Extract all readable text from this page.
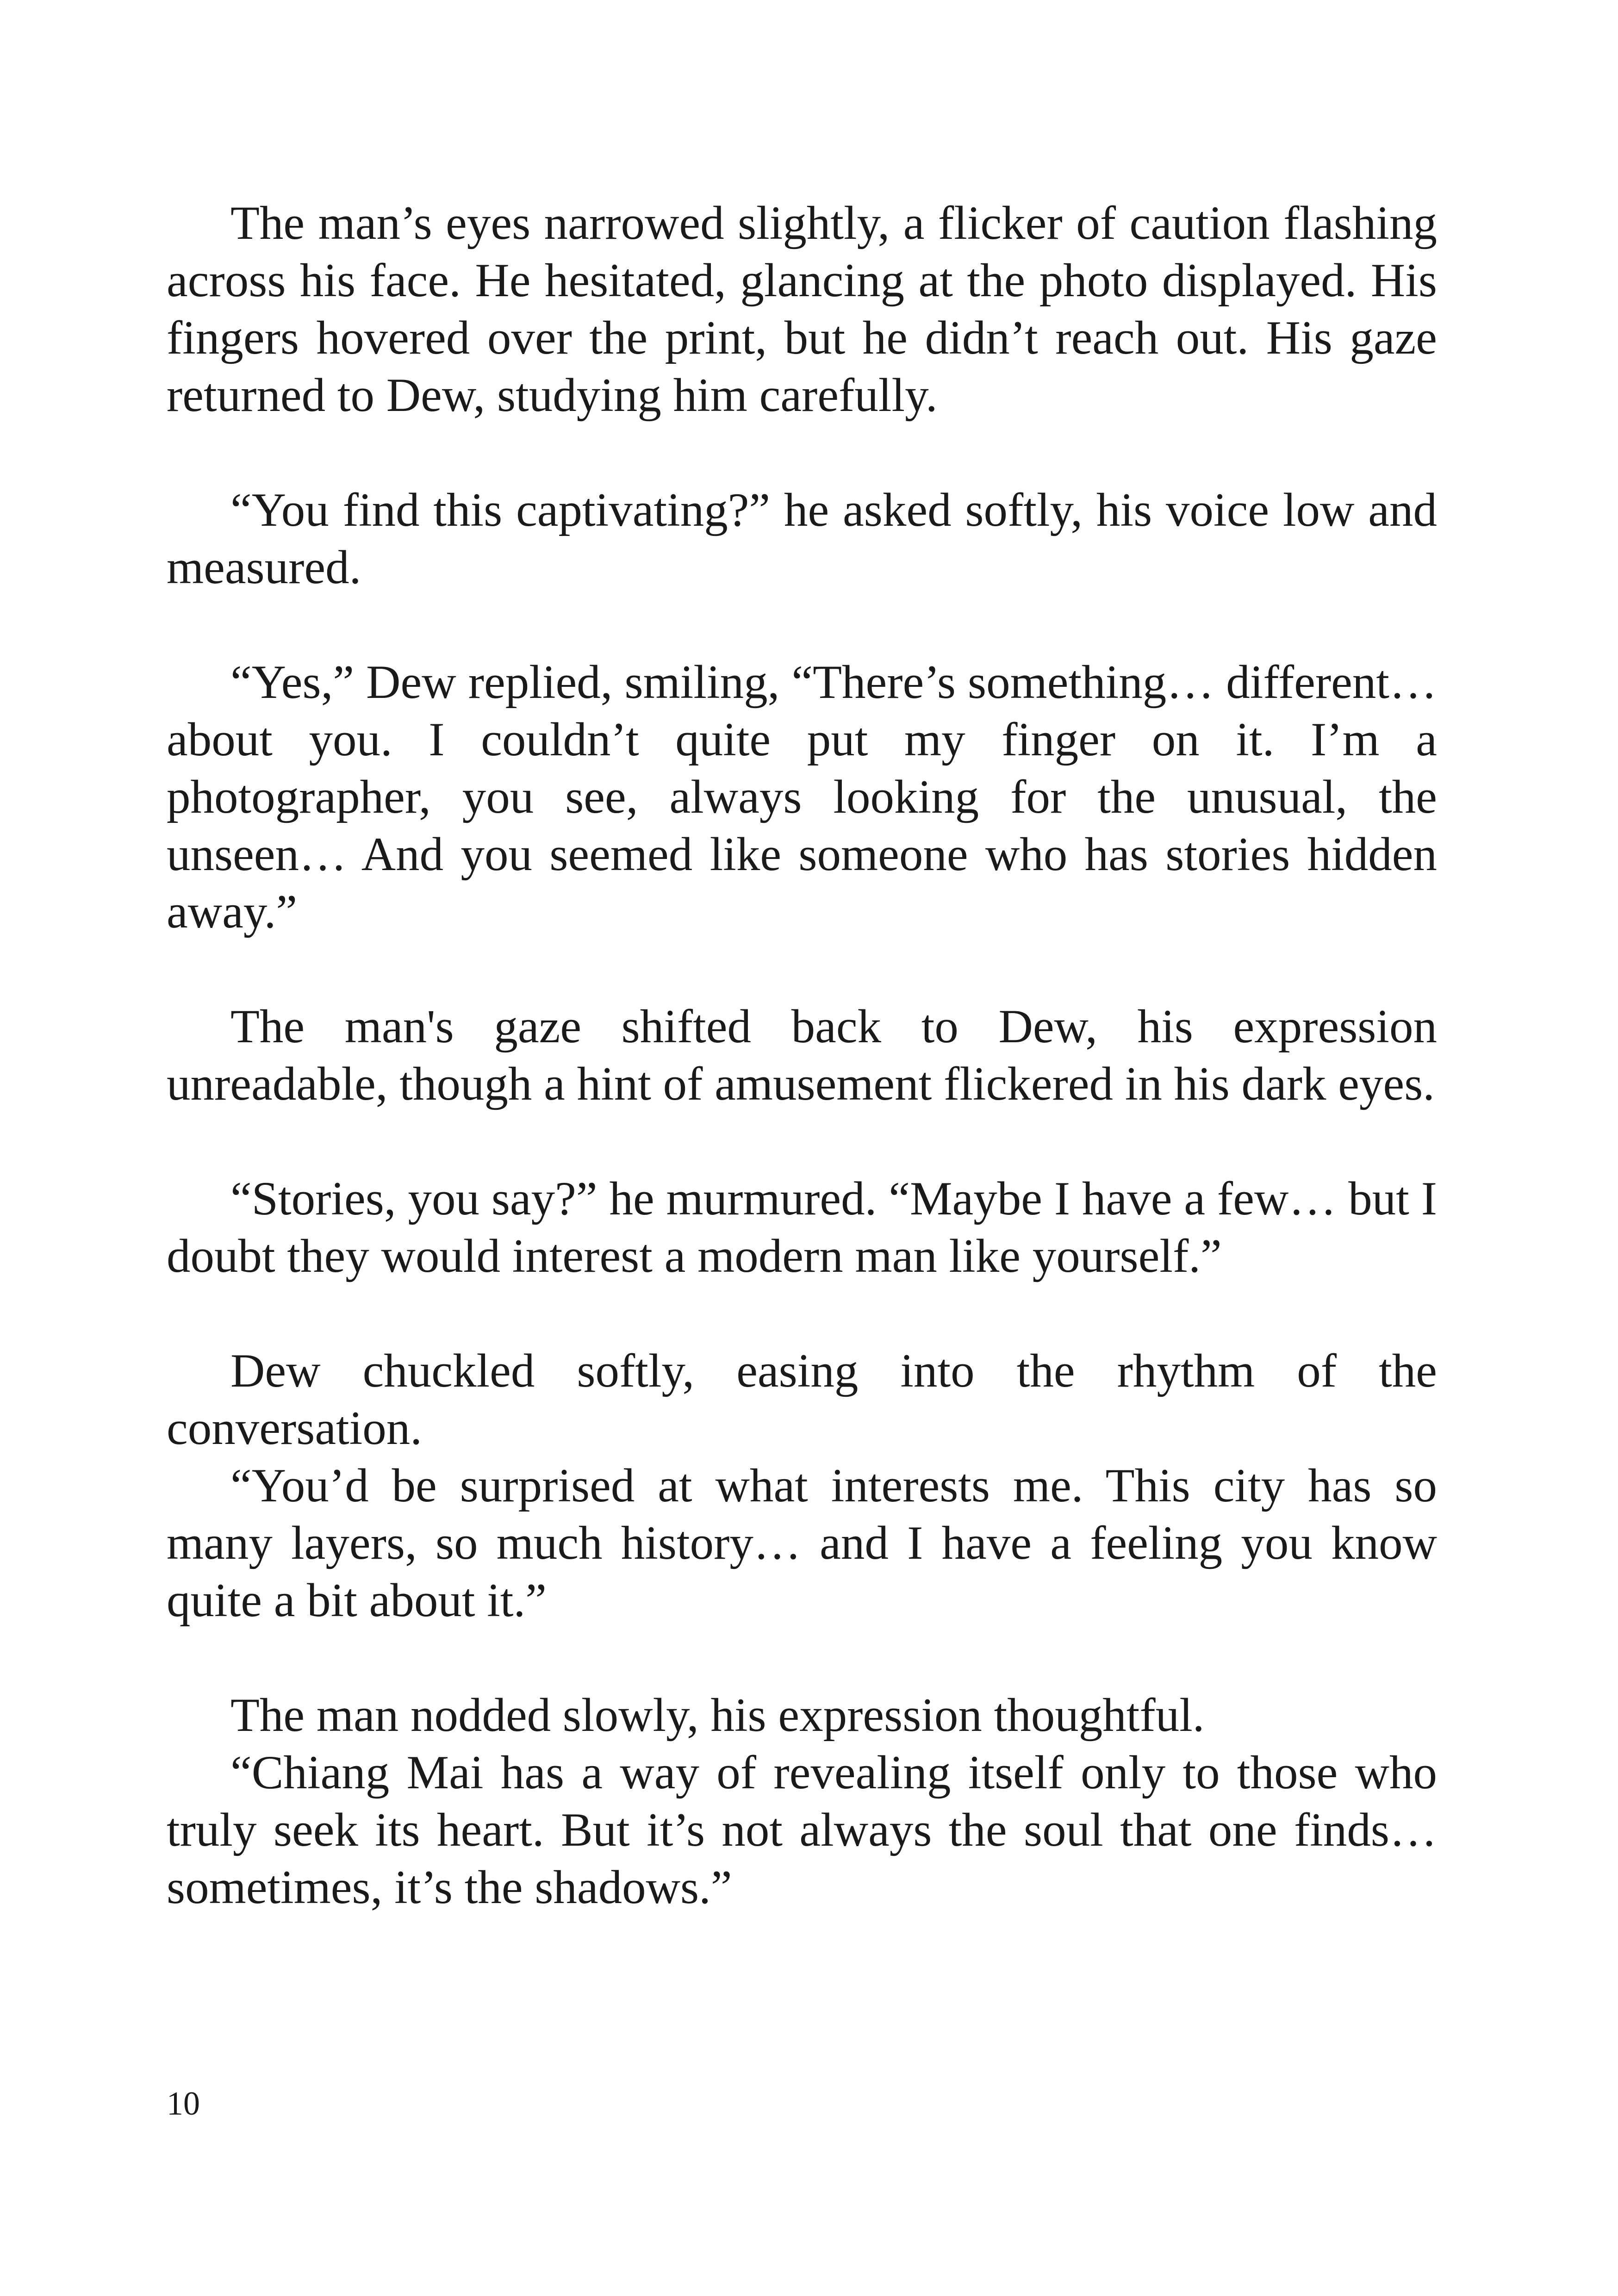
The man’s eyes narrowed slightly, a flicker of caution flashing across his face. He hesitated, glancing at the photo displayed. His fingers hovered over the print, but he didn’t reach out. His gaze returned to Dew, studying him carefully.

“You find this captivating?” he asked softly, his voice low and measured.

“Yes,” Dew replied, smiling, “There’s something… different… about you. I couldn’t quite put my finger on it. I’m a photographer, you see, always looking for the unusual, the unseen… And you seemed like someone who has stories hidden away.”

The man's gaze shifted back to Dew, his expression unreadable, though a hint of amusement flickered in his dark eyes.

“Stories, you say?” he murmured. “Maybe I have a few… but I doubt they would interest a modern man like yourself.”

Dew chuckled softly, easing into the rhythm of the conversation.

“You’d be surprised at what interests me. This city has so many layers, so much history… and I have a feeling you know quite a bit about it.”

The man nodded slowly, his expression thoughtful.

“Chiang Mai has a way of revealing itself only to those who truly seek its heart. But it’s not always the soul that one finds… sometimes, it’s the shadows.”

10
